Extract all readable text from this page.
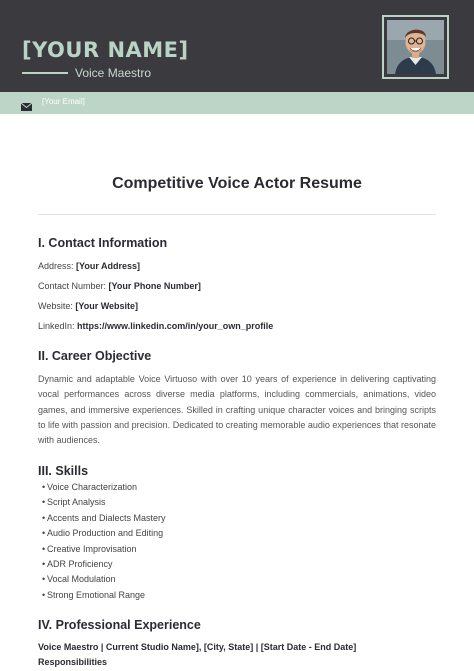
[YOUR NAME]
Voice Maestro
[Your Email]
Competitive Voice Actor Resume
I. Contact Information
Address: [Your Address]
Contact Number: [Your Phone Number]
Website: [Your Website]
LinkedIn: https://www.linkedin.com/in/your_own_profile
II. Career Objective
Dynamic and adaptable Voice Virtuoso with over 10 years of experience in delivering captivating vocal performances across diverse media platforms, including commercials, animations, video games, and immersive experiences. Skilled in crafting unique character voices and bringing scripts to life with passion and precision. Dedicated to creating memorable audio experiences that resonate with audiences.
III. Skills
• Voice Characterization
• Script Analysis
• Accents and Dialects Mastery
• Audio Production and Editing
• Creative Improvisation
• ADR Proficiency
• Vocal Modulation
• Strong Emotional Range
IV. Professional Experience
Voice Maestro | Current Studio Name], [City, State] | [Start Date - End Date]
Responsibilities
